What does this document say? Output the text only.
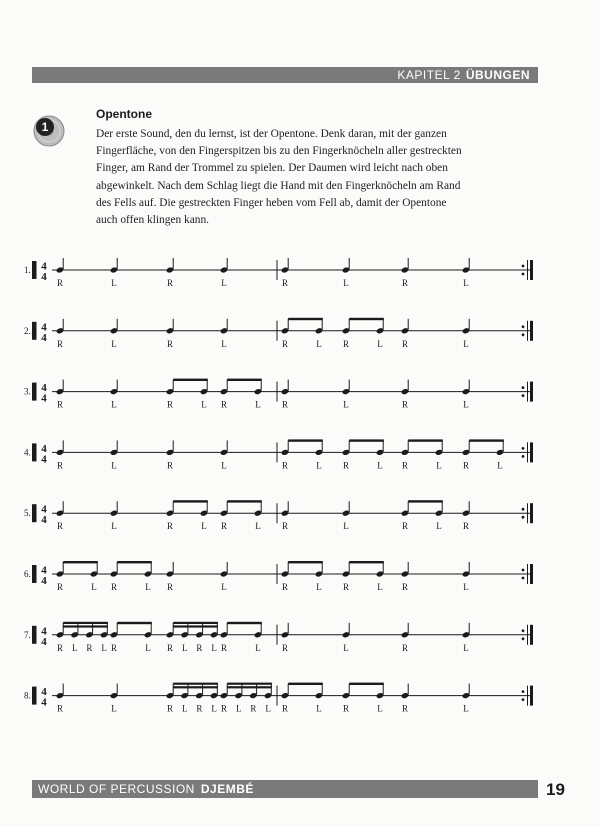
KAPITEL 2 ÜBUNGEN
1
Opentone

Der erste Sound, den du lernst, ist der Opentone. Denk daran, mit der ganzen

Fingerfläche, von den Fingerspitzen bis zu den Fingerknöcheln aller gestreckten

Finger, am Rand der Trommel zu spielen. Der Daumen wird leicht nach oben

abgewinkelt. Nach dem Schlag liegt die Hand mit den Fingerknöcheln am Rand

des Fells auf. Die gestreckten Finger heben vom Fell ab, damit der Opentone

auch offen klingen kann.

1. 4
4 R	L	R	L	R	L	R	L
2. 4
4 R	L	R	L	R	L R	L R	L
3. 4
4 R	L	R	L R	L R	L	R	L
4. 4
4 R	L	R	L	R	L R	L R	L R	L
5. 4
4 R	L	R	L R	L R	L	R	L R
6. 4
4 R	L R	L R	L	R	L R	L R	L
7. 4
4 R L R L R	L R L R L R	L R	L	R	L
8. 4
4 R	L	R L R L R L R L R	L R	L R	L
WORLD OF PERCUSSION DJEMBÉ	19
